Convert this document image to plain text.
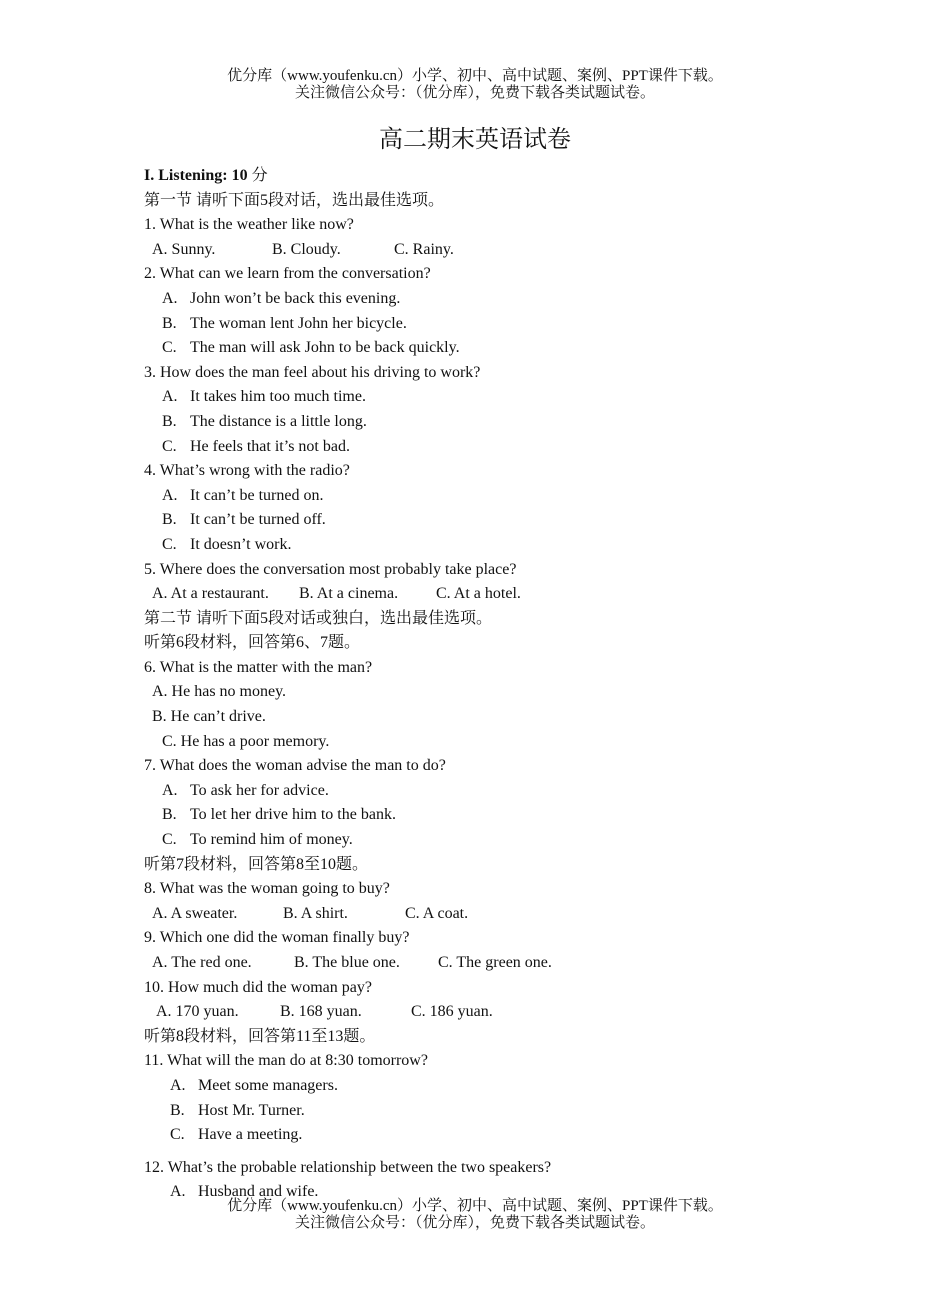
优分库（www.youfenku.cn）小学、初中、高中试题、案例、PPT课件下载。
关注微信公众号：（优分库），免费下载各类试题试卷。
高二期末英语试卷
I. Listening: 10 分
第一节 请听下面5段对话，选出最佳选项。
1. What is the weather like now?
A. Sunny.	B. Cloudy.	C. Rainy.
2. What can we learn from the conversation?
A. John won’t be back this evening.
B. The woman lent John her bicycle.
C. The man will ask John to be back quickly.
3. How does the man feel about his driving to work?
A. It takes him too much time.
B. The distance is a little long.
C. He feels that it’s not bad.
4. What’s wrong with the radio?
A. It can’t be turned on.
B. It can’t be turned off.
C. It doesn’t work.
5. Where does the conversation most probably take place?
A. At a restaurant. B. At a cinema. C. At a hotel.
第二节 请听下面5段对话或独白，选出最佳选项。
听第6段材料，回答第6、7题。
6. What is the matter with the man?
A. He has no money.
B. He can’t drive.
C. He has a poor memory.
7. What does the woman advise the man to do?
A. To ask her for advice.
B. To let her drive him to the bank.
C. To remind him of money.
听第7段材料，回答第8至10题。
8. What was the woman going to buy?
A. A sweater.	B. A shirt.	C. A coat.
9. Which one did the woman finally buy?
A. The red one.	B. The blue one. C. The green one.
10. How much did the woman pay?
A. 170 yuan.	B. 168 yuan.	C. 186 yuan.
听第8段材料，回答第11至13题。
11. What will the man do at 8:30 tomorrow?
A. Meet some managers.
B. Host Mr. Turner.
C. Have a meeting.
12. What’s the probable relationship between the two speakers?
A. Husband and wife.
优分库（www.youfenku.cn）小学、初中、高中试题、案例、PPT课件下载。
关注微信公众号：（优分库），免费下载各类试题试卷。
